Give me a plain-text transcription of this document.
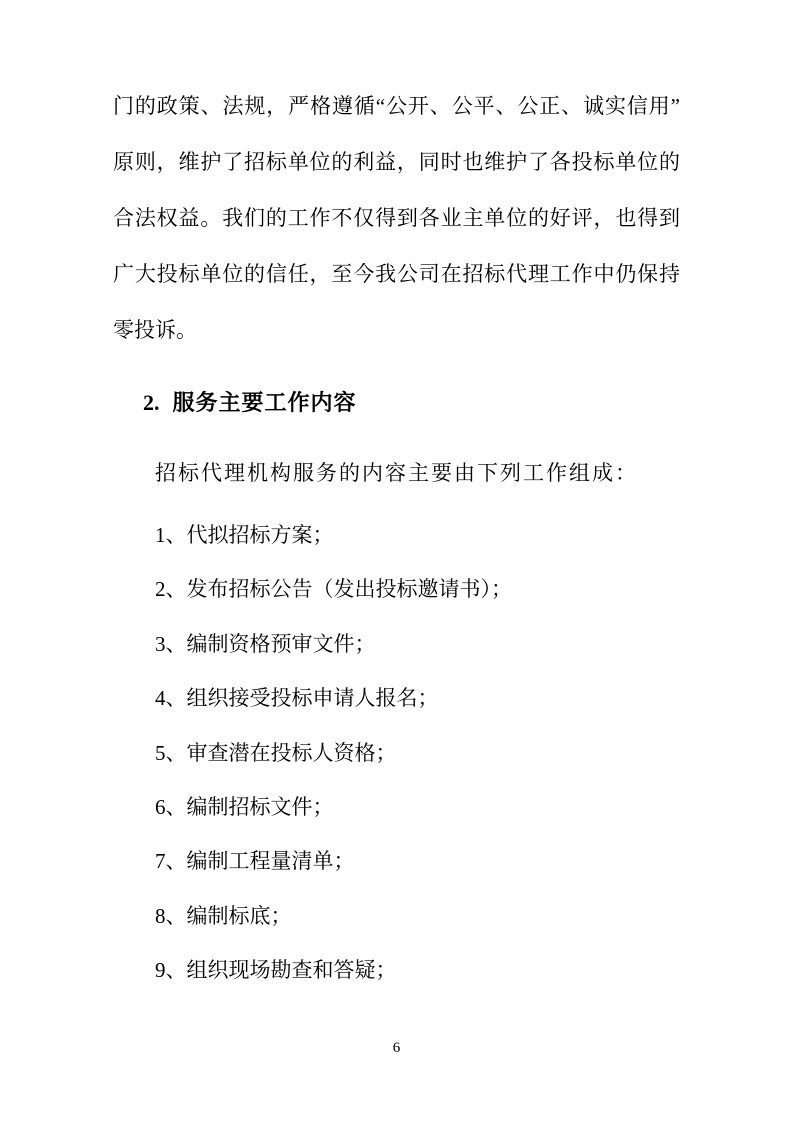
门的政策、法规，严格遵循“公开、公平、公正、诚实信用”
原则，维护了招标单位的利益，同时也维护了各投标单位的
合法权益。我们的工作不仅得到各业主单位的好评，也得到
广大投标单位的信任，至今我公司在招标代理工作中仍保持
零投诉。
2. 服务主要工作内容
招标代理机构服务的内容主要由下列工作组成：
1、代拟招标方案；
2、发布招标公告（发出投标邀请书）；
3、编制资格预审文件；
4、组织接受投标申请人报名；
5、审查潜在投标人资格；
6、编制招标文件；
7、编制工程量清单；
8、编制标底；
9、组织现场勘查和答疑；
6
